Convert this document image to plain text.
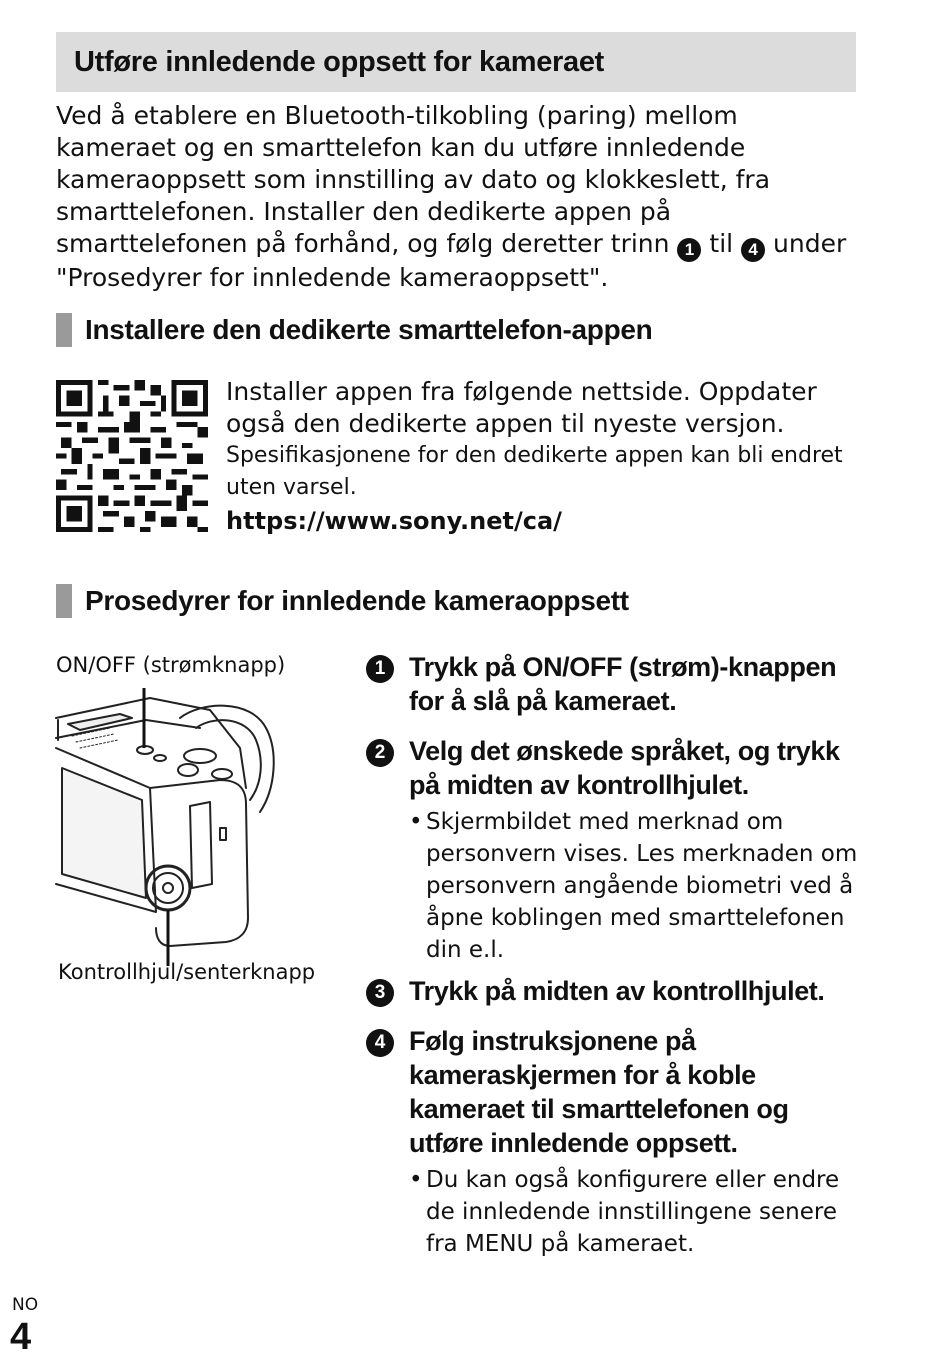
Utføre innledende oppsett for kameraet
Ved å etablere en Bluetooth-tilkobling (paring) mellom kameraet og en smarttelefon kan du utføre innledende kameraoppsett som innstilling av dato og klokkeslett, fra smarttelefonen. Installer den dedikerte appen på smarttelefonen på forhånd, og følg deretter trinn 1 til 4 under "Prosedyrer for innledende kameraoppsett".
Installere den dedikerte smarttelefon-appen
Installer appen fra følgende nettside. Oppdater også den dedikerte appen til nyeste versjon.
Spesifikasjonene for den dedikerte appen kan bli endret uten varsel.
https://www.sony.net/ca/
Prosedyrer for innledende kameraoppsett
ON/OFF (strømknapp)
Kontrollhjul/senterknapp
1 Trykk på ON/OFF (strøm)-knappen for å slå på kameraet.
2 Velg det ønskede språket, og trykk på midten av kontrollhjulet.
• Skjermbildet med merknad om personvern vises. Les merknaden om personvern angående biometri ved å åpne koblingen med smarttelefonen din e.l.
3 Trykk på midten av kontrollhjulet.
4 Følg instruksjonene på kameraskjermen for å koble kameraet til smarttelefonen og utføre innledende oppsett.
• Du kan også konfigurere eller endre de innledende innstillingene senere fra MENU på kameraet.
NO
4
